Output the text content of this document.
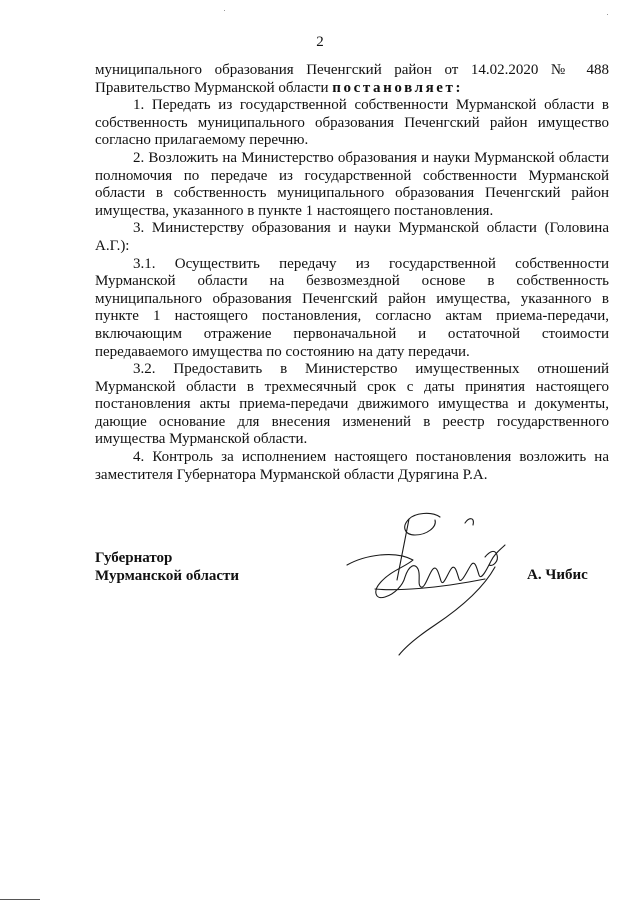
2

муниципального образования Печенгский район от 14.02.2020 № 488 Правительство Мурманской области постановляет:

1. Передать из государственной собственности Мурманской области в собственность муниципального образования Печенгский район имущество согласно прилагаемому перечню.

2. Возложить на Министерство образования и науки Мурманской области полномочия по передаче из государственной собственности Мурманской области в собственность муниципального образования Печенгский район имущества, указанного в пункте 1 настоящего постановления.

3. Министерству образования и науки Мурманской области (Головина А.Г.):

3.1. Осуществить передачу из государственной собственности Мурманской области на безвозмездной основе в собственность муниципального образования Печенгский район имущества, указанного в пункте 1 настоящего постановления, согласно актам приема-передачи, включающим отражение первоначальной и остаточной стоимости передаваемого имущества по состоянию на дату передачи.

3.2. Предоставить в Министерство имущественных отношений Мурманской области в трехмесячный срок с даты принятия настоящего постановления акты приема-передачи движимого имущества и документы, дающие основание для внесения изменений в реестр государственного имущества Мурманской области.

4. Контроль за исполнением настоящего постановления возложить на заместителя Губернатора Мурманской области Дурягина Р.А.

Губернатор
Мурманской области	А. Чибис
